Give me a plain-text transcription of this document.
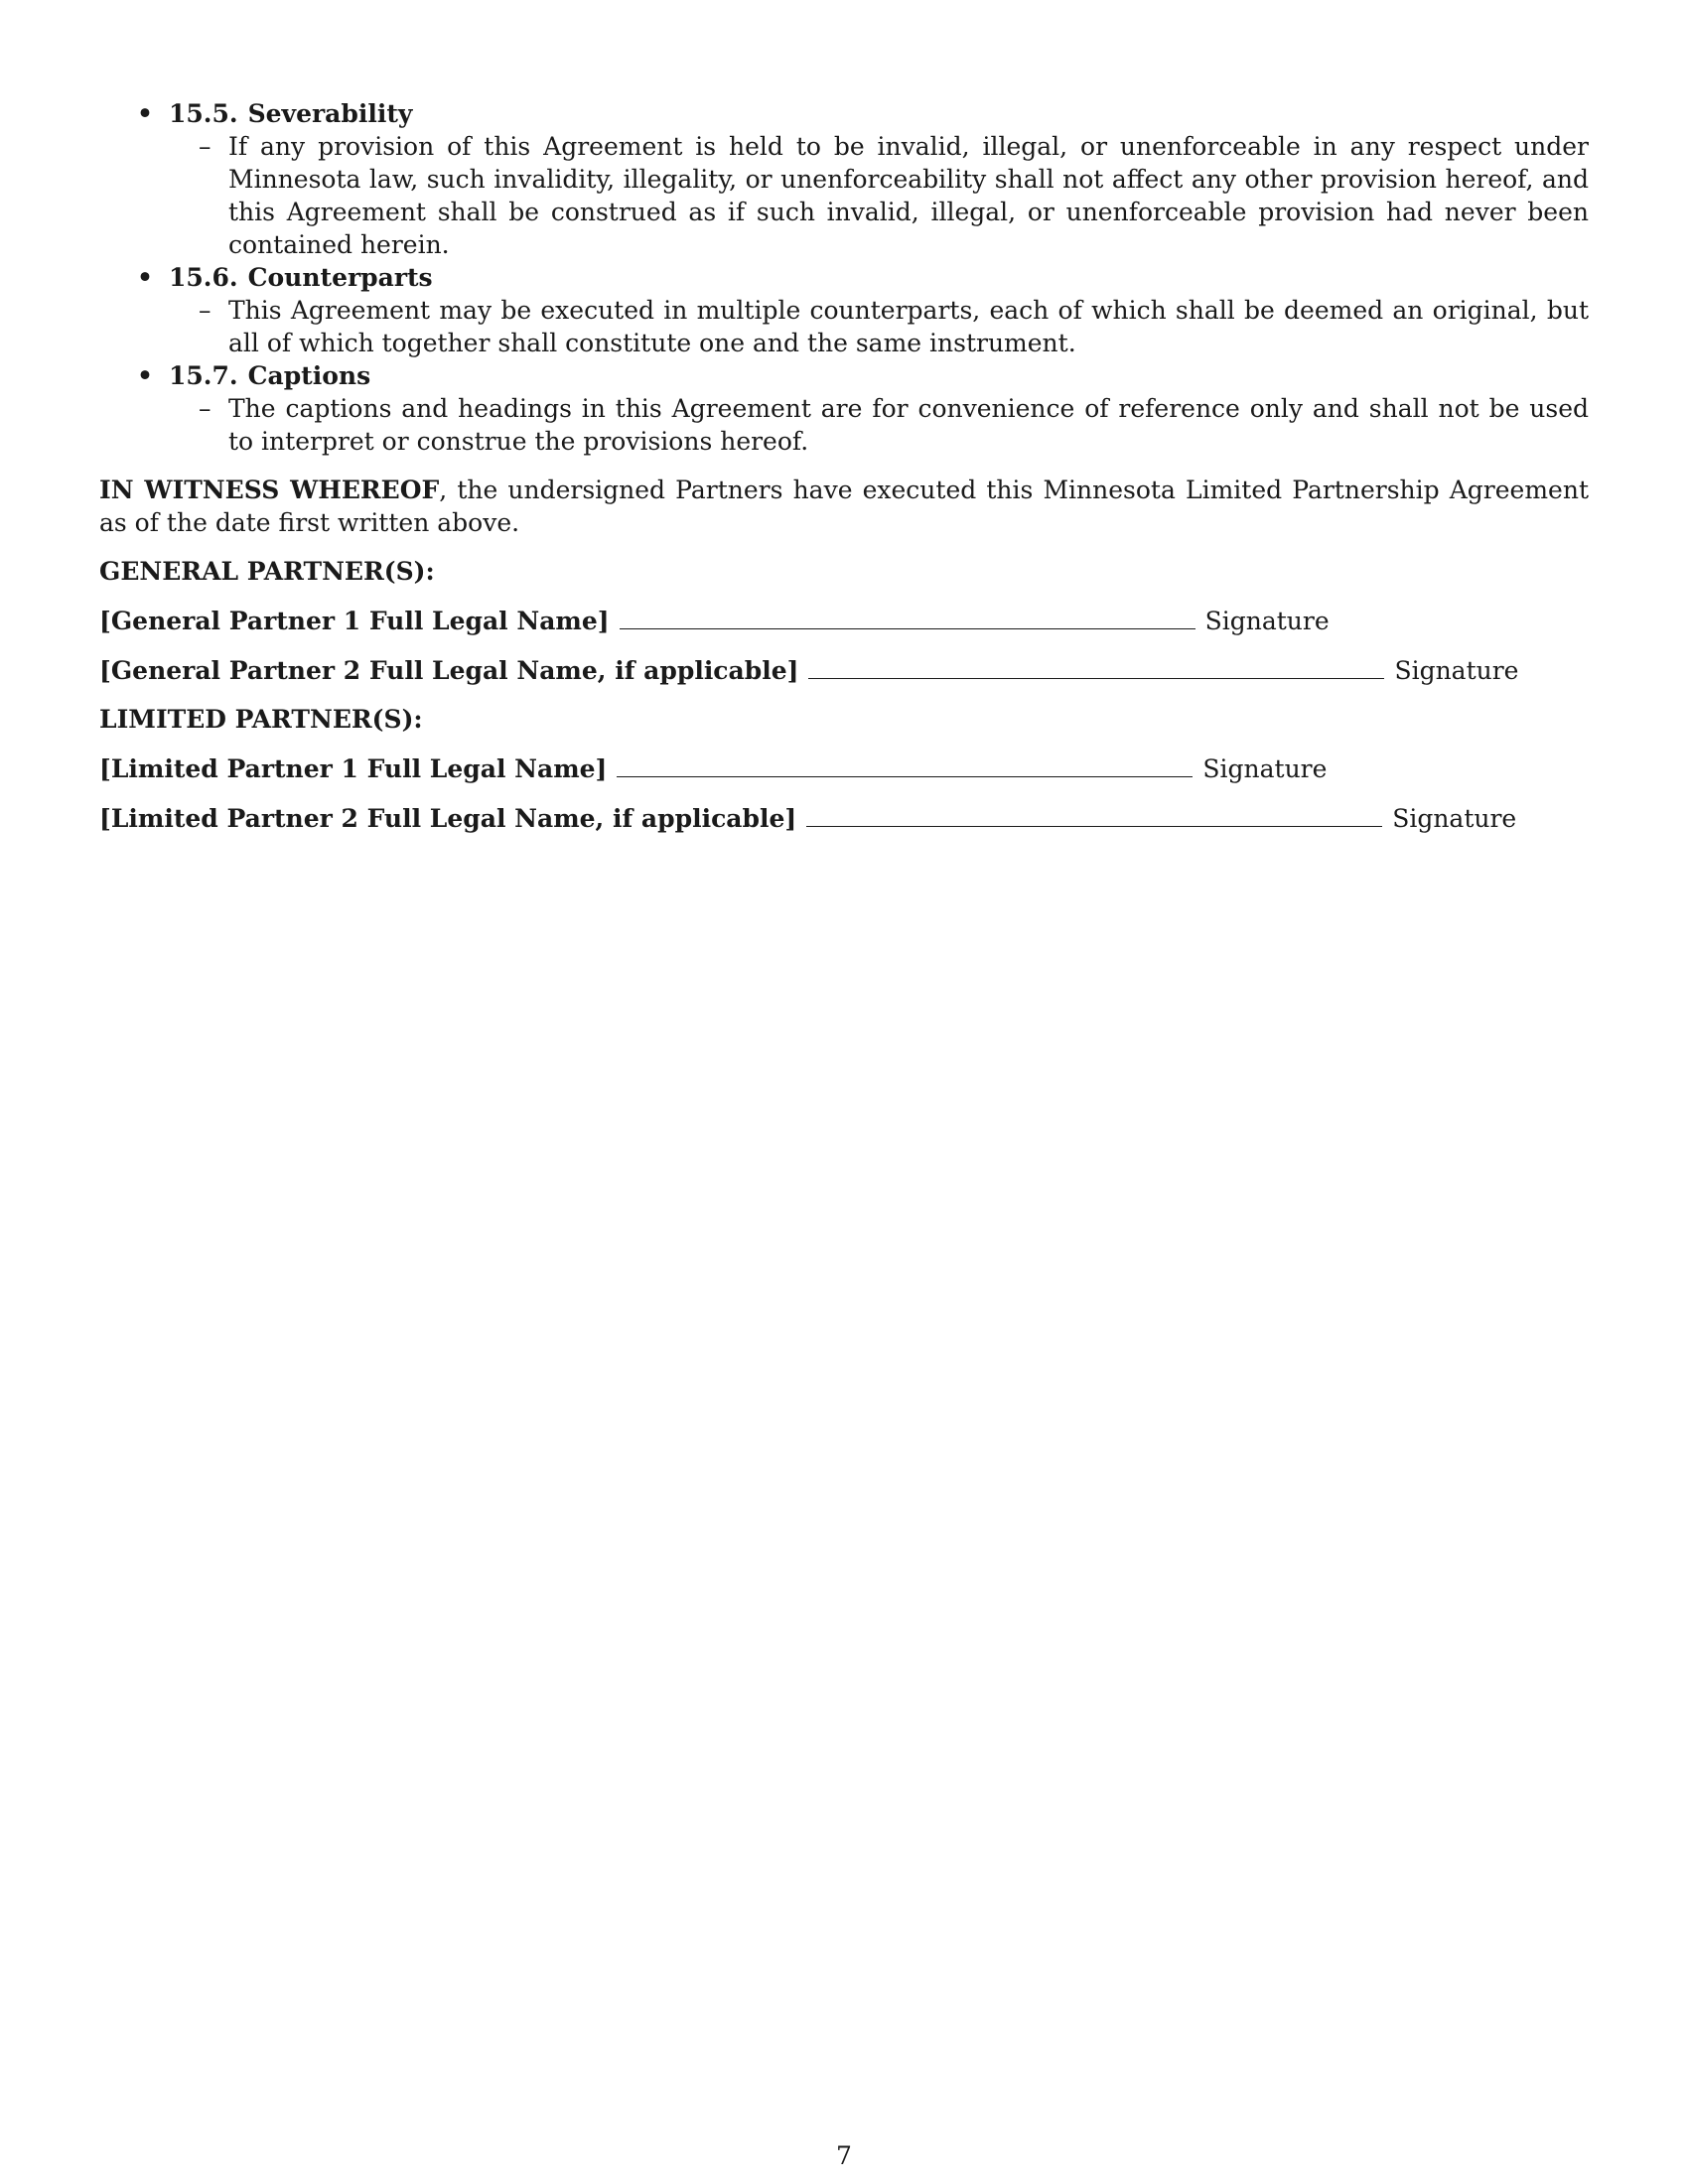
• 15.5. Severability
– If any provision of this Agreement is held to be invalid, illegal, or unenforceable in any respect under Minnesota law, such invalidity, illegality, or unenforceability shall not affect any other provision hereof, and this Agreement shall be construed as if such invalid, illegal, or unenforceable provision had never been contained herein.
• 15.6. Counterparts
– This Agreement may be executed in multiple counterparts, each of which shall be deemed an original, but all of which together shall constitute one and the same instrument.
• 15.7. Captions
– The captions and headings in this Agreement are for convenience of reference only and shall not be used to interpret or construe the provisions hereof.

IN WITNESS WHEREOF, the undersigned Partners have executed this Minnesota Limited Partnership Agreement as of the date first written above.

GENERAL PARTNER(S):
[General Partner 1 Full Legal Name]	Signature
[General Partner 2 Full Legal Name, if applicable]	Signature
LIMITED PARTNER(S):
[Limited Partner 1 Full Legal Name]	Signature
[Limited Partner 2 Full Legal Name, if applicable]	Signature
7
